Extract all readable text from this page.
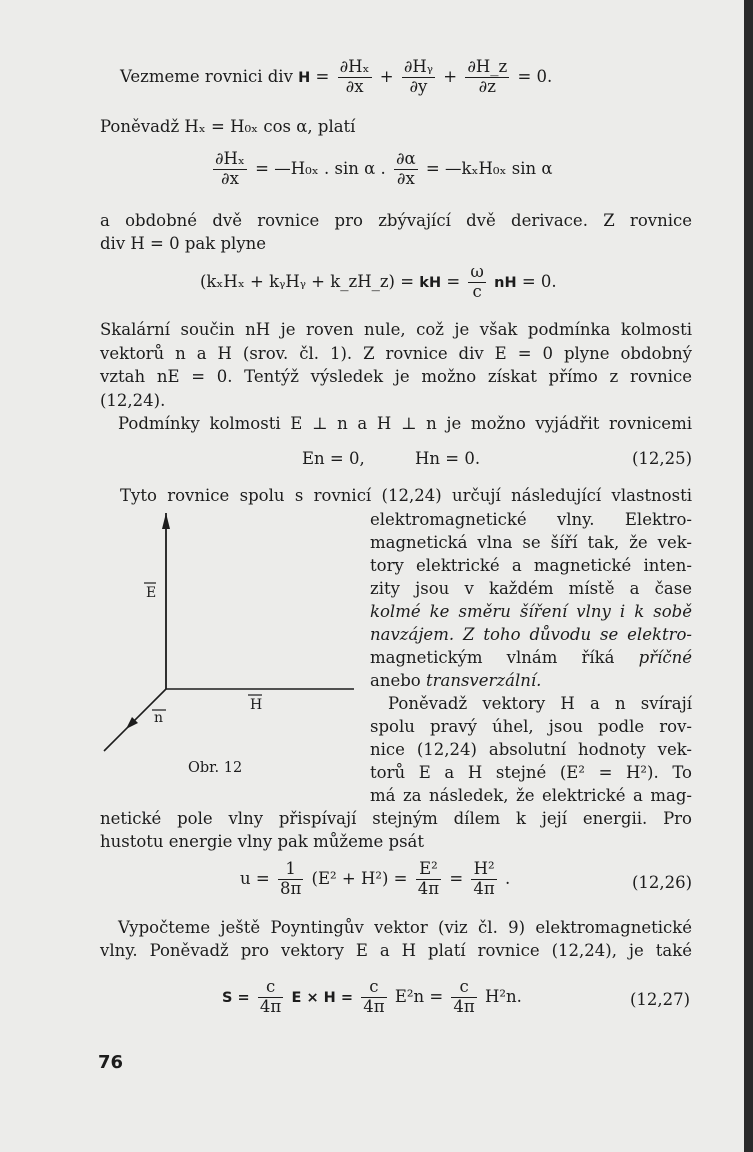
Vezmeme rovnici div $H = \frac{\text{∂Hₓ}}{\partial x} + \frac{\text{∂Hᵧ}}{\partial y} + \frac{\partial H\_z}{\partial z} = 0$.
Poněvadž Hₓ = H₀ₓ cos α, platí
$\frac{\text{∂Hₓ}}{\partial x}$ = —H₀ₓ . sin α . $\frac{\partial\alpha}{\partial x}$ = —kₓH₀ₓ sin α
a obdobné dvě rovnice pro zbývající dvě derivace. Z rovnice
div H = 0 pak plyne
(kₓHₓ + kᵧHᵧ + k_zH_z) = kH = $\frac{\omega}{c}$ nH = 0.
Skalární součin nH je roven nule, což je však podmínka kolmosti
vektorů n a H (srov. čl. 1). Z rovnice div E = 0 plyne obdobný
vztah nE = 0. Tentýž výsledek je možno získat přímo z rovnice
(12,24).
Podmínky kolmosti E ⊥ n a H ⊥ n je možno vyjádřit rovnicemi
En = 0,	Hn = 0.	(12,25)
Tyto rovnice spolu s rovnicí (12,24) určují následující vlastnosti
elektromagnetické vlny. Elektro-
magnetická vlna se šíří tak, že vek-
tory elektrické a magnetické inten-
zity jsou v každém místě a čase
kolmé ke směru šíření vlny i k sobě
navzájem. Z toho důvodu se elektro-
magnetickým vlnám říká příčné
anebo transverzální.
Poněvadž vektory H a n svírají
spolu pravý úhel, jsou podle rov-
nice (12,24) absolutní hodnoty vek-
torů E a H stejné (E² = H²). To
má za následek, že elektrické a mag-
netické pole vlny přispívají stejným dílem k její energii. Pro
hustotu energie vlny pak můžeme psát
E
H
n
Obr. 12
$u = \frac{1}{8\pi} (E^2 + H^2) = \frac{\text{E²}}{4\pi} = \frac{\text{H²}}{4\pi}$ .	(12,26)
Vypočteme ještě Poyntingův vektor (viz čl. 9) elektromagnetické
vlny. Poněvadž pro vektory E a H platí rovnice (12,24), je také
$S = \frac{c}{4\pi}$ $E \times H = \frac{c}{4\pi} E^2n = \frac{c}{4\pi} H^2n$.	(12,27)
76
